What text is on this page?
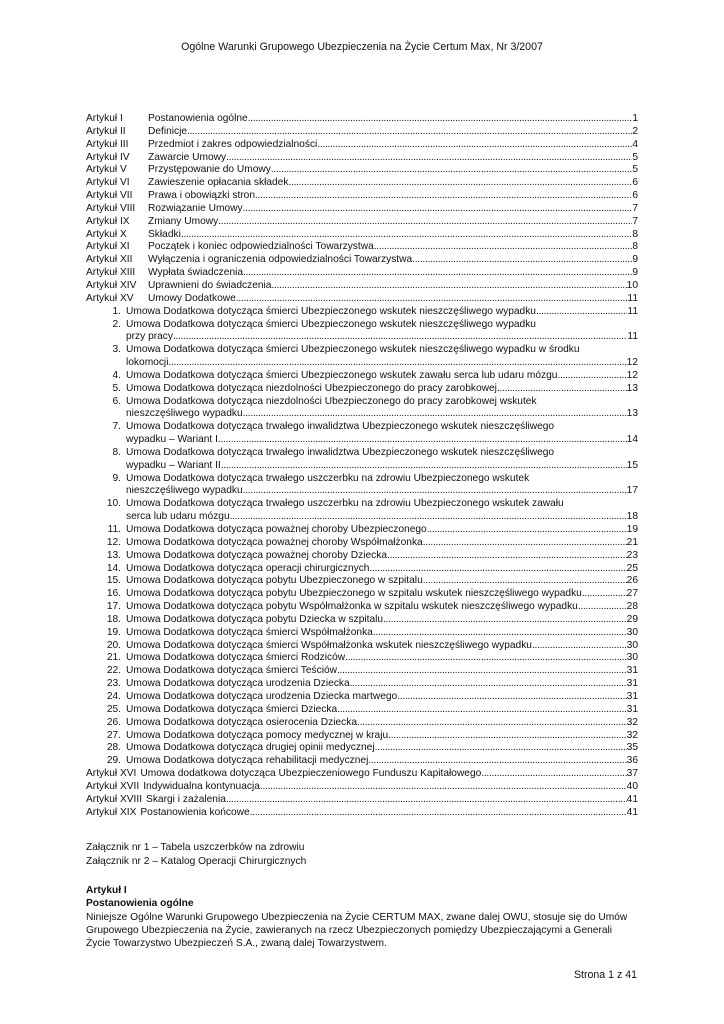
Ogólne Warunki Grupowego Ubezpieczenia na Życie Certum Max, Nr 3/2007
Artykuł I	Postanowienia ogólne . . .	1
Artykuł II	Definicje . . .	2
Artykuł III	Przedmiot i zakres odpowiedzialności . . .	4
Artykuł IV	Zawarcie Umowy . . .	5
Artykuł V	Przystępowanie do Umowy . . .	5
Artykuł VI	Zawieszenie opłacania składek . . .	6
Artykuł VII	Prawa i obowiązki stron . . .	6
Artykuł VIII	Rozwiązanie Umowy . . .	7
Artykuł IX	Zmiany Umowy . . .	7
Artykuł X	Składki . . .	8
Artykuł XI	Początek i koniec odpowiedzialności Towarzystwa . . .	8
Artykuł XII	Wyłączenia i ograniczenia odpowiedzialności Towarzystwa . . .	9
Artykuł XIII	Wypłata świadczenia . . .	9
Artykuł XIV	Uprawnieni do świadczenia . . .	10
Artykuł XV	Umowy Dodatkowe . . .	11
1. Umowa Dodatkowa dotycząca śmierci Ubezpieczonego wskutek nieszczęśliwego wypadku . . .	11
2. Umowa Dodatkowa dotycząca śmierci Ubezpieczonego wskutek nieszczęśliwego wypadku
przy pracy . . .	11
3. Umowa Dodatkowa dotycząca śmierci Ubezpieczonego wskutek nieszczęśliwego wypadku w środku
lokomocji . . .	12
4. Umowa Dodatkowa dotycząca śmierci Ubezpieczonego wskutek zawału serca lub udaru mózgu . . .	12
5. Umowa Dodatkowa dotycząca niezdolności Ubezpieczonego do pracy zarobkowej . . .	13
6. Umowa Dodatkowa dotycząca niezdolności Ubezpieczonego do pracy zarobkowej wskutek
nieszczęśliwego wypadku . . .	13
7. Umowa Dodatkowa dotycząca trwałego inwalidztwa Ubezpieczonego wskutek nieszczęśliwego
wypadku – Wariant I . . .	14
8. Umowa Dodatkowa dotycząca trwałego inwalidztwa Ubezpieczonego wskutek nieszczęśliwego
wypadku – Wariant II . . .	15
9. Umowa Dodatkowa dotycząca trwałego uszczerbku na zdrowiu Ubezpieczonego wskutek
nieszczęśliwego wypadku . . .	17
10. Umowa Dodatkowa dotycząca trwałego uszczerbku na zdrowiu Ubezpieczonego wskutek zawału
serca lub udaru mózgu . . .	18
11. Umowa Dodatkowa dotycząca poważnej choroby Ubezpieczonego . . .	19
12. Umowa Dodatkowa dotycząca poważnej choroby Współmałżonka . . .	21
13. Umowa Dodatkowa dotycząca poważnej choroby Dziecka . . .	23
14. Umowa Dodatkowa dotycząca operacji chirurgicznych . . .	25
15. Umowa Dodatkowa dotycząca pobytu Ubezpieczonego w szpitalu . . .	26
16. Umowa Dodatkowa dotycząca pobytu Ubezpieczonego w szpitalu wskutek nieszczęśliwego wypadku . . .	27
17. Umowa Dodatkowa dotycząca pobytu Współmałżonka w szpitalu wskutek nieszczęśliwego wypadku . . .	28
18. Umowa Dodatkowa dotycząca pobytu Dziecka w szpitalu . . .	29
19. Umowa Dodatkowa dotycząca śmierci Współmałżonka . . .	30
20. Umowa Dodatkowa dotycząca śmierci Współmałżonka wskutek nieszczęśliwego wypadku . . .	30
21. Umowa Dodatkowa dotycząca śmierci Rodziców . . .	30
22. Umowa Dodatkowa dotycząca śmierci Teściów . . .	31
23. Umowa Dodatkowa dotycząca urodzenia Dziecka . . .	31
24. Umowa Dodatkowa dotycząca urodzenia Dziecka martwego . . .	31
25. Umowa Dodatkowa dotycząca śmierci Dziecka . . .	31
26. Umowa Dodatkowa dotycząca osierocenia Dziecka . . .	32
27. Umowa Dodatkowa dotycząca pomocy medycznej w kraju . . .	32
28. Umowa Dodatkowa dotycząca drugiej opinii medycznej . . .	35
29. Umowa Dodatkowa dotycząca rehabilitacji medycznej . . .	36
Artykuł XVI Umowa dodatkowa dotycząca Ubezpieczeniowego Funduszu Kapitałowego . . .	37
Artykuł XVII Indywidualna kontynuacja . . .	40
Artykuł XVIII Skargi i zażalenia . . .	41
Artykuł XIX Postanowienia końcowe . . .	41
Załącznik nr 1 – Tabela uszczerbków na zdrowiu
Załącznik nr 2 – Katalog Operacji Chirurgicznych
Artykuł I
Postanowienia ogólne
Niniejsze Ogólne Warunki Grupowego Ubezpieczenia na Życie CERTUM MAX, zwane dalej OWU, stosuje się do Umów Grupowego Ubezpieczenia na Życie, zawieranych na rzecz Ubezpieczonych pomiędzy Ubezpieczającymi a Generali Życie Towarzystwo Ubezpieczeń S.A., zwaną dalej Towarzystwem.
Strona 1 z 41
